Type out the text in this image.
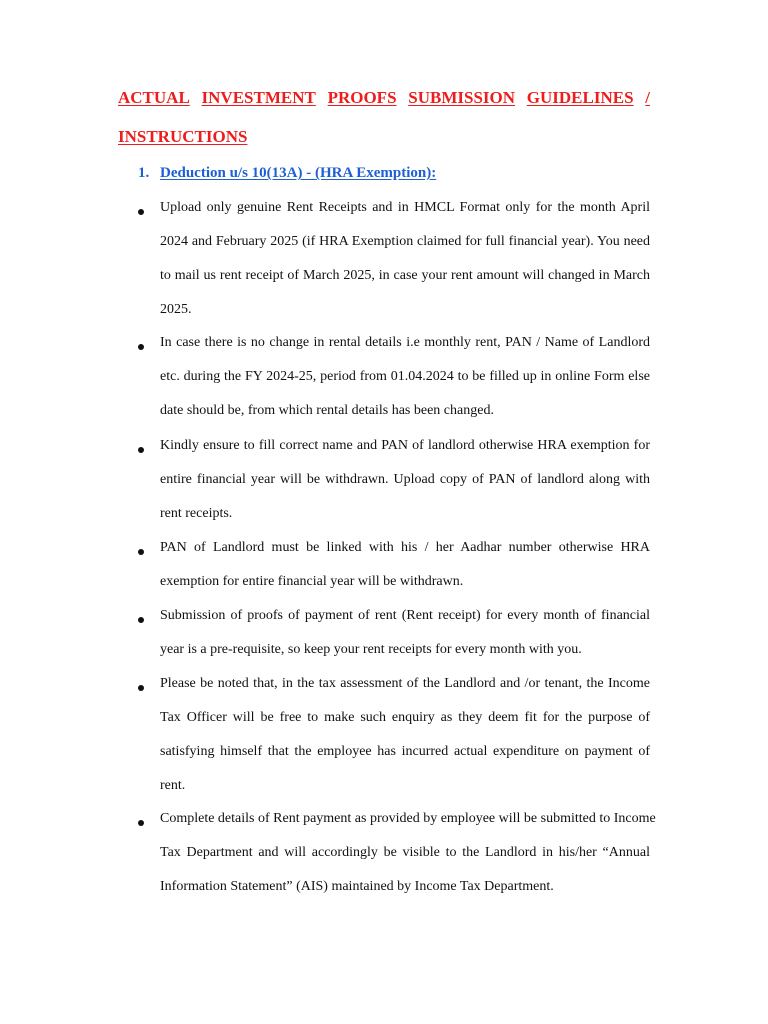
ACTUAL INVESTMENT PROOFS SUBMISSION GUIDELINES /
INSTRUCTIONS
1. Deduction u/s 10(13A) - (HRA Exemption):
Upload only genuine Rent Receipts and in HMCL Format only for the month April
2024 and February 2025 (if HRA Exemption claimed for full financial year). You need
to mail us rent receipt of March 2025, in case your rent amount will changed in March
2025.
In case there is no change in rental details i.e monthly rent, PAN / Name of Landlord
etc. during the FY 2024-25, period from 01.04.2024 to be filled up in online Form else
date should be, from which rental details has been changed.
Kindly ensure to fill correct name and PAN of landlord otherwise HRA exemption for
entire financial year will be withdrawn. Upload copy of PAN of landlord along with
rent receipts.
PAN of Landlord must be linked with his / her Aadhar number otherwise HRA
exemption for entire financial year will be withdrawn.
Submission of proofs of payment of rent (Rent receipt) for every month of financial
year is a pre-requisite, so keep your rent receipts for every month with you.
Please be noted that, in the tax assessment of the Landlord and /or tenant, the Income
Tax Officer will be free to make such enquiry as they deem fit for the purpose of
satisfying himself that the employee has incurred actual expenditure on payment of
rent.
Complete details of Rent payment as provided by employee will be submitted to Income
Tax Department and will accordingly be visible to the Landlord in his/her “Annual
Information Statement” (AIS) maintained by Income Tax Department.
